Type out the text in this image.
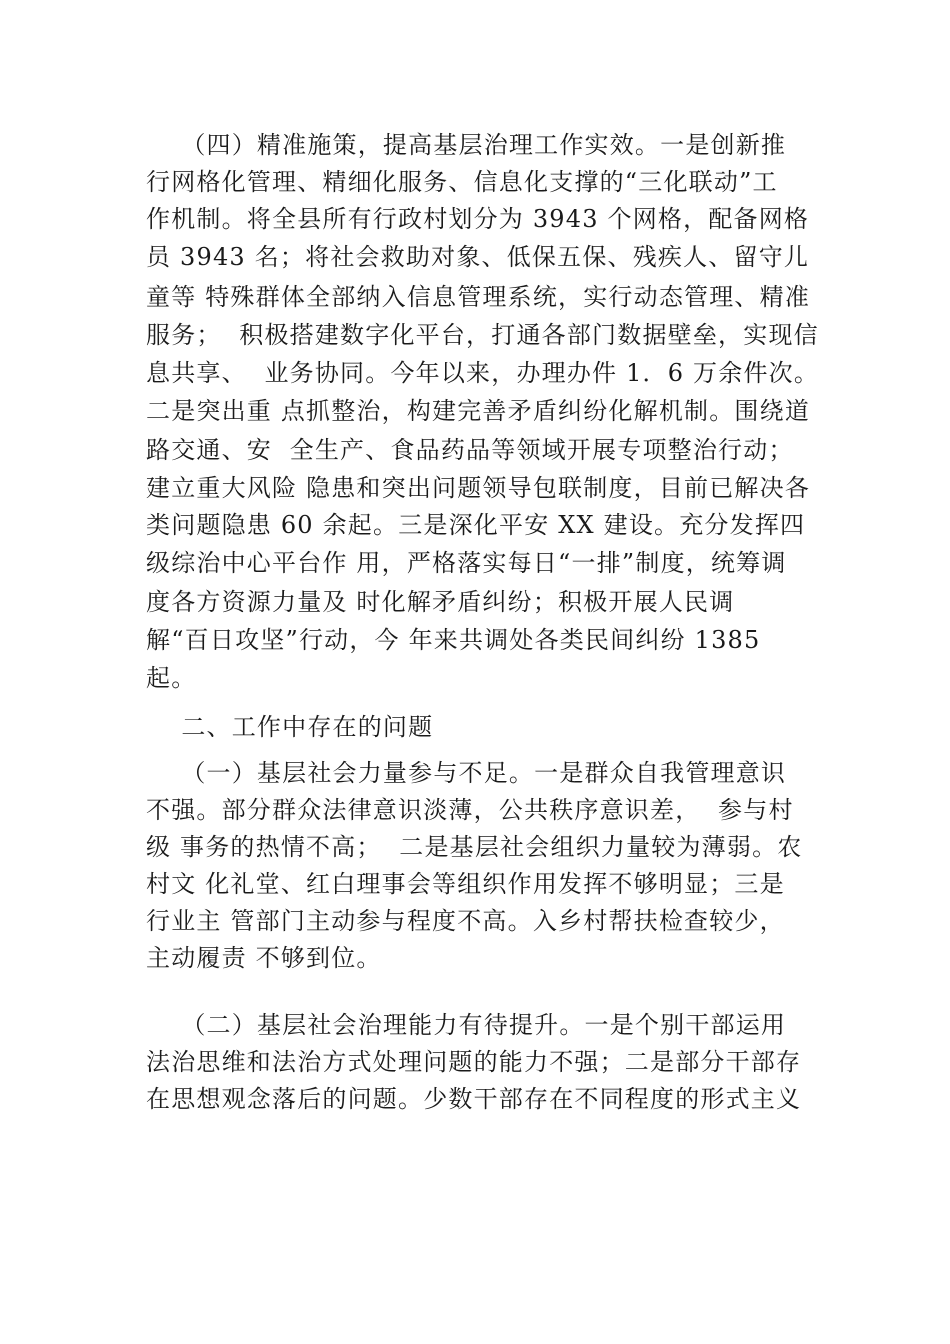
（四）精准施策，提高基层治理工作实效。一是创新推
行网格化管理、精细化服务、信息化支撑的“三化联动”工
作机制。将全县所有行政村划分为 3943 个网格，配备网格
员 3943 名；将社会救助对象、低保五保、残疾人、留守儿
童等 特殊群体全部纳入信息管理系统，实行动态管理、精准
服务；  积极搭建数字化平台，打通各部门数据壁垒，实现信
息共享、  业务协同。今年以来，办理办件 1．6 万余件次。
二是突出重 点抓整治，构建完善矛盾纠纷化解机制。围绕道
路交通、安  全生产、食品药品等领域开展专项整治行动；
建立重大风险 隐患和突出问题领导包联制度，目前已解决各
类问题隐患 60 余起。三是深化平安 XX 建设。充分发挥四
级综治中心平台作 用，严格落实每日“一排”制度，统筹调
度各方资源力量及 时化解矛盾纠纷；积极开展人民调
解“百日攻坚”行动，今 年来共调处各类民间纠纷 1385
起。
二、工作中存在的问题
（一）基层社会力量参与不足。一是群众自我管理意识
不强。部分群众法律意识淡薄，公共秩序意识差，  参与村
级 事务的热情不高；  二是基层社会组织力量较为薄弱。农
村文 化礼堂、红白理事会等组织作用发挥不够明显；三是
行业主 管部门主动参与程度不高。入乡村帮扶检查较少，
主动履责 不够到位。
（二）基层社会治理能力有待提升。一是个别干部运用
法治思维和法治方式处理问题的能力不强；二是部分干部存
在思想观念落后的问题。少数干部存在不同程度的形式主义
